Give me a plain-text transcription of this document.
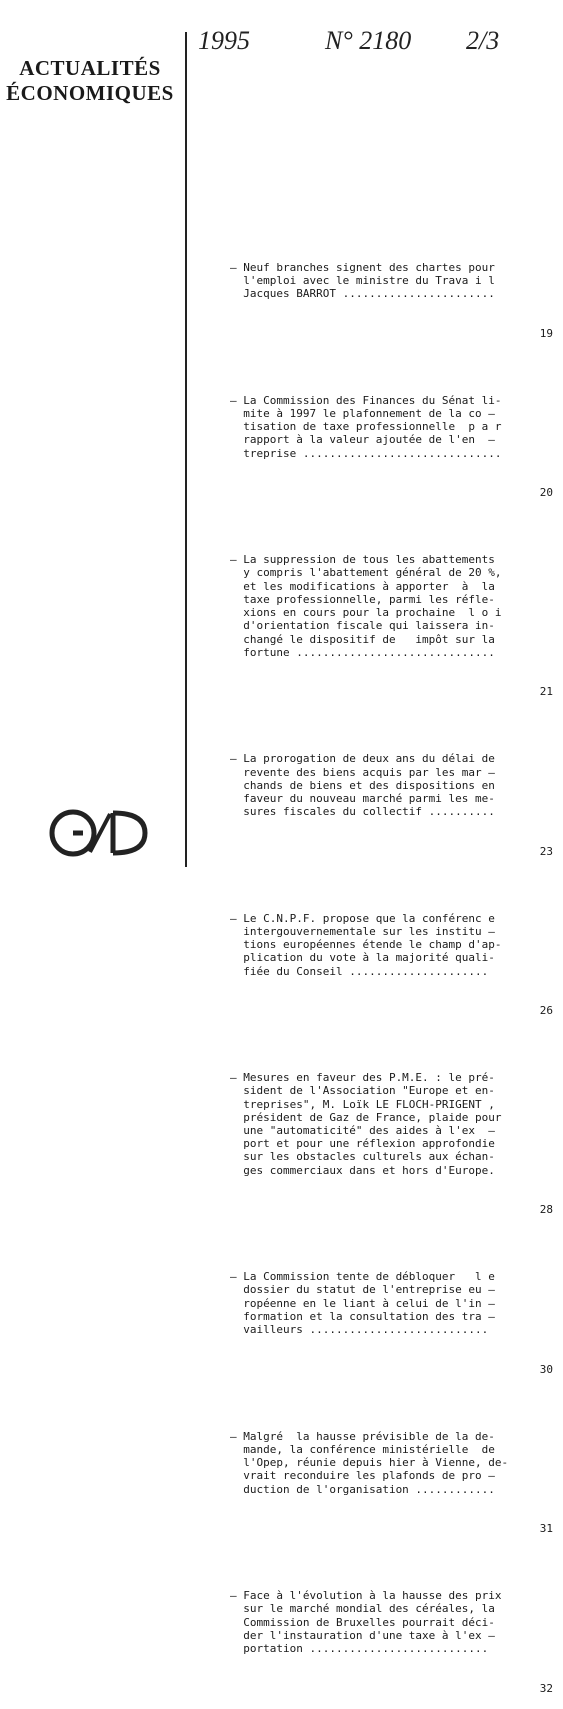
ACTUALITÉS
ÉCONOMIQUES
1995	N° 2180 2/3

– Neuf branches signent des chartes pour
l'emploi avec le ministre du Trava i l
Jacques BARROT .......................

19

– La Commission des Finances du Sénat li-
mite à 1997 le plafonnement de la co –
tisation de taxe professionnelle  p a r
rapport à la valeur ajoutée de l'en  –
treprise ..............................

20

– La suppression de tous les abattements
y compris l'abattement général de 20 %,
et les modifications à apporter  à  la
taxe professionnelle, parmi les réfle-
xions en cours pour la prochaine  l o i
d'orientation fiscale qui laissera in-
changé le dispositif de   impôt sur la
fortune ..............................

21

– La prorogation de deux ans du délai de
revente des biens acquis par les mar –
chands de biens et des dispositions en
faveur du nouveau marché parmi les me-
sures fiscales du collectif ..........

23

– Le C.N.P.F. propose que la conférenc e
intergouvernementale sur les institu –
tions européennes étende le champ d'ap-
plication du vote à la majorité quali-
fiée du Conseil .....................

26

– Mesures en faveur des P.M.E. : le pré-
sident de l'Association "Europe et en-
treprises", M. Loïk LE FLOCH-PRIGENT ,
président de Gaz de France, plaide pour
une "automaticité" des aides à l'ex  –
port et pour une réflexion approfondie
sur les obstacles culturels aux échan-
ges commerciaux dans et hors d'Europe.

28

– La Commission tente de débloquer   l e
dossier du statut de l'entreprise eu –
ropéenne en le liant à celui de l'in –
formation et la consultation des tra –
vailleurs ...........................

30

– Malgré  la hausse prévisible de la de-
mande, la conférence ministérielle  de
l'Opep, réunie depuis hier à Vienne, de-
vrait reconduire les plafonds de pro –
duction de l'organisation ............

31

– Face à l'évolution à la hausse des prix
sur le marché mondial des céréales, la
Commission de Bruxelles pourrait déci-
der l'instauration d'une taxe à l'ex –
portation ...........................

32
